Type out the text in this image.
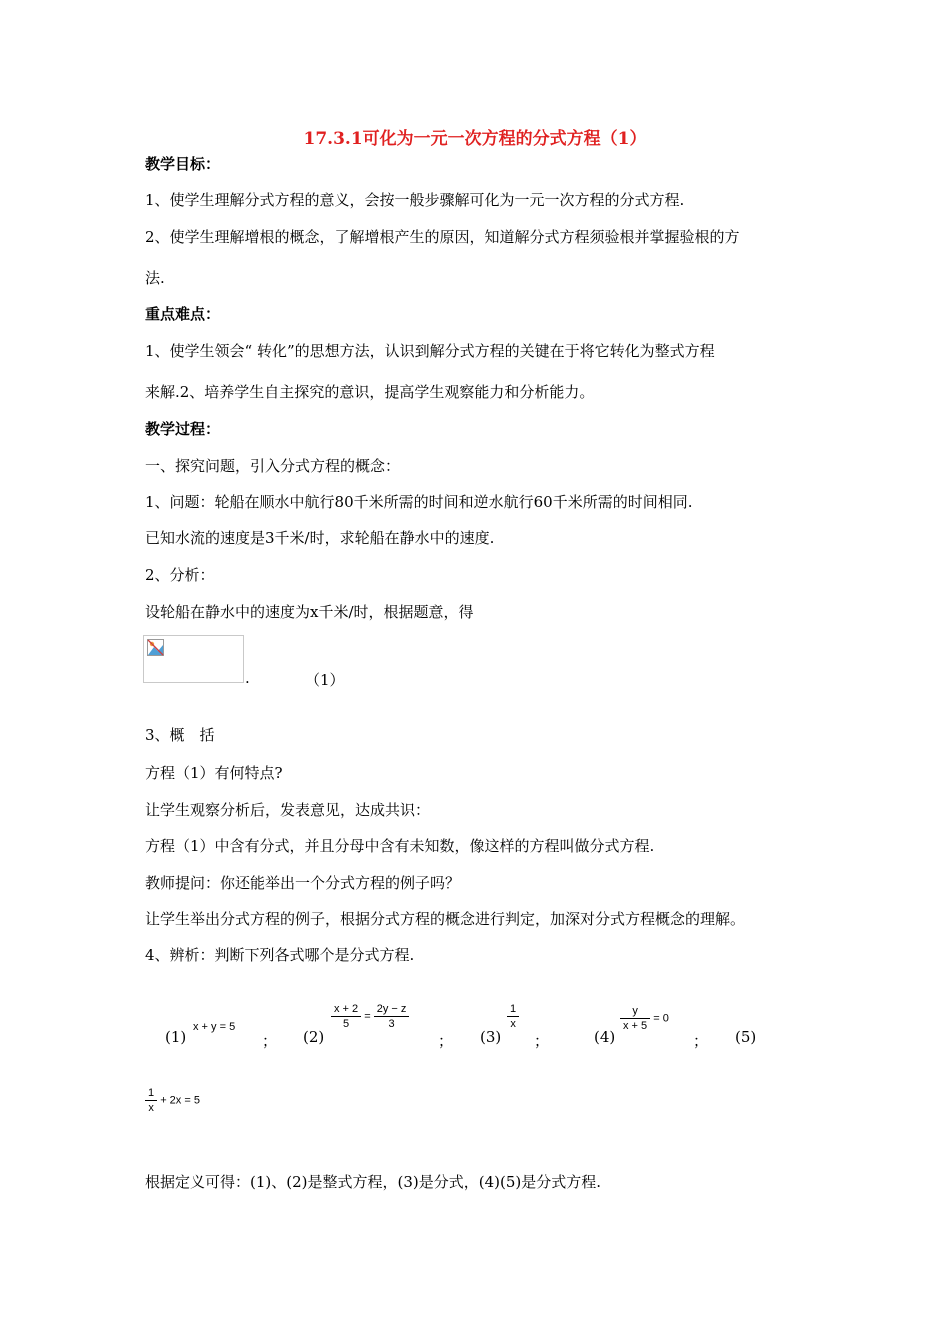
17.3.1可化为一元一次方程的分式方程（1）
教学目标：
1、使学生理解分式方程的意义，会按一般步骤解可化为一元一次方程的分式方程.
2、使学生理解增根的概念，了解增根产生的原因，知道解分式方程须验根并掌握验根的方
法.
重点难点：
1、使学生领会“ 转化”的思想方法，认识到解分式方程的关键在于将它转化为整式方程
来解.2、培养学生自主探究的意识，提高学生观察能力和分析能力。
教学过程：
一、探究问题，引入分式方程的概念：
1、问题：轮船在顺水中航行80千米所需的时间和逆水航行60千米所需的时间相同.
已知水流的速度是3千米/时，求轮船在静水中的速度.
2、分析：
设轮船在静水中的速度为x千米/时，根据题意，得
.	（1）
3、概　括
方程（1）有何特点?
让学生观察分析后，发表意见，达成共识：
方程（1）中含有分式，并且分母中含有未知数，像这样的方程叫做分式方程.
教师提问：你还能举出一个分式方程的例子吗？
让学生举出分式方程的例子，根据分式方程的概念进行判定，加深对分式方程概念的理解。
4、辨析：判断下列各式哪个是分式方程.
(1)
x + y = 5
； (2)
$\frac{x + 2}{5} = \frac{2y - z}{3}$
； (3)
$\frac{1}{x}$
；	(4)
$\frac{y}{x + 5} = 0$
； (5)
$\frac{1}{x} + 2x = 5$
根据定义可得：(1)、(2)是整式方程，(3)是分式，(4)(5)是分式方程.
